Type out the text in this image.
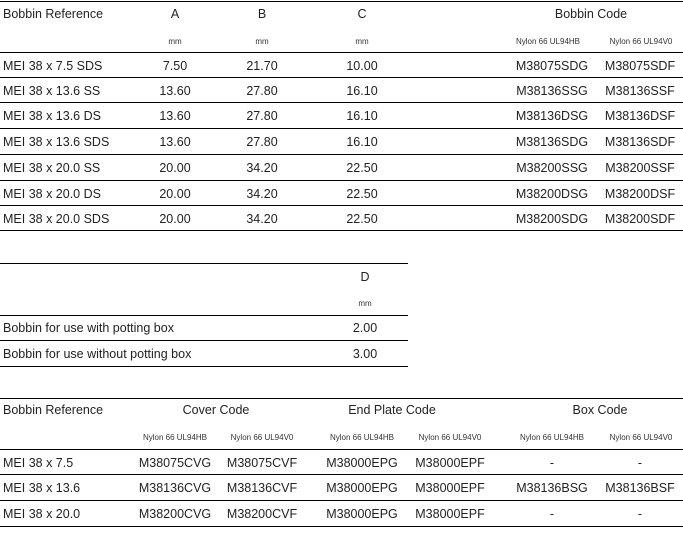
Bobbin Reference	A	B	C	Bobbin Code
mm	mm	mm	Nylon 66 UL94HB	Nylon 66 UL94V0
MEI 38 x 7.5 SDS	7.50	21.70	10.00	M38075SDG M38075SDF
MEI 38 x 13.6 SS	13.60	27.80	16.10	M38136SSG M38136SSF
MEI 38 x 13.6 DS	13.60	27.80	16.10	M38136DSG M38136DSF
MEI 38 x 13.6 SDS	13.60	27.80	16.10	M38136SDG M38136SDF
MEI 38 x 20.0 SS	20.00	34.20	22.50	M38200SSG M38200SSF
MEI 38 x 20.0 DS	20.00	34.20	22.50	M38200DSG M38200DSF
MEI 38 x 20.0 SDS	20.00	34.20	22.50	M38200SDG M38200SDF
D
mm
Bobbin for use with potting box	2.00
Bobbin for use without potting box	3.00
Bobbin Reference	Cover Code	End Plate Code	Box Code
Nylon 66 UL94HB	Nylon 66 UL94V0	Nylon 66 UL94HB	Nylon 66 UL94V0	Nylon 66 UL94HB	Nylon 66 UL94V0
MEI 38 x 7.5	M38075CVG M38075CVF M38000EPG M38000EPF	-	-
MEI 38 x 13.6	M38136CVG M38136CVF M38000EPG M38000EPF	M38136BSG M38136BSF
MEI 38 x 20.0	M38200CVG M38200CVF M38000EPG M38000EPF	-	-
